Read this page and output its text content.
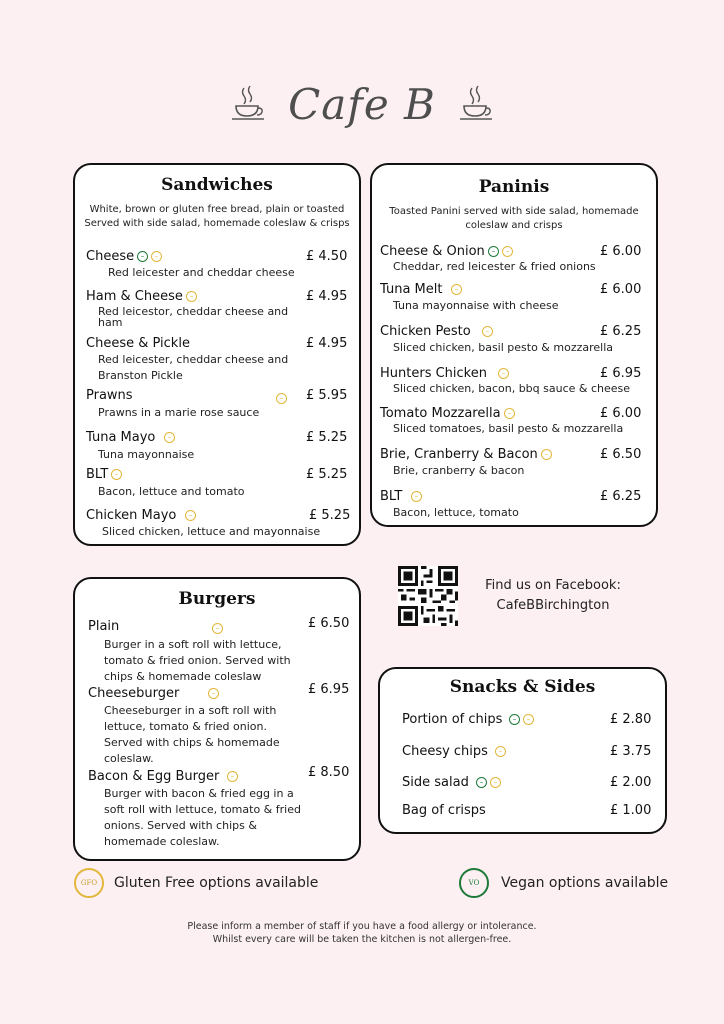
Cafe B
Sandwiches
White, brown or gluten free bread, plain or toasted
Served with side salad, homemade coleslaw & crisps
Cheese	£ 4.50
Red leicester and cheddar cheese
Ham & Cheese	£ 4.95
Red leicestor, cheddar cheese and ham
Cheese & Pickle	£ 4.95
Red leicester, cheddar cheese and Branston Pickle
Prawns	£ 5.95
Prawns in a marie rose sauce
Tuna Mayo	£ 5.25
Tuna mayonnaise
BLT	£ 5.25
Bacon, lettuce and tomato
Chicken Mayo	£ 5.25
Sliced chicken, lettuce and mayonnaise
Paninis
Toasted Panini served with side salad, homemade
coleslaw and crisps
Cheese & Onion	£ 6.00
Cheddar, red leicester & fried onions
Tuna Melt	£ 6.00
Tuna mayonnaise with cheese
Chicken Pesto	£ 6.25
Sliced chicken, basil pesto & mozzarella
Hunters Chicken	£ 6.95
Sliced chicken, bacon, bbq sauce & cheese
Tomato Mozzarella	£ 6.00
Sliced tomatoes, basil pesto & mozzarella
Brie, Cranberry & Bacon	£ 6.50
Brie, cranberry & bacon
BLT	£ 6.25
Bacon, lettuce, tomato
Burgers
Plain	£ 6.50
Burger in a soft roll with lettuce, tomato & fried onion. Served with chips & homemade coleslaw
Cheeseburger	£ 6.95
Cheeseburger in a soft roll with lettuce, tomato & fried onion. Served with chips & homemade coleslaw.
Bacon & Egg Burger	£ 8.50
Burger with bacon & fried egg in a soft roll with lettuce, tomato & fried onions. Served with chips & homemade coleslaw.
Find us on Facebook:
CafeBBirchington
Snacks & Sides
Portion of chips	£ 2.80
Cheesy chips	£ 3.75
Side salad	£ 2.00
Bag of crisps	£ 1.00
GFO	Gluten Free options available	VO	Vegan options available
Please inform a member of staff if you have a food allergy or intolerance.
Whilst every care will be taken the kitchen is not allergen-free.
